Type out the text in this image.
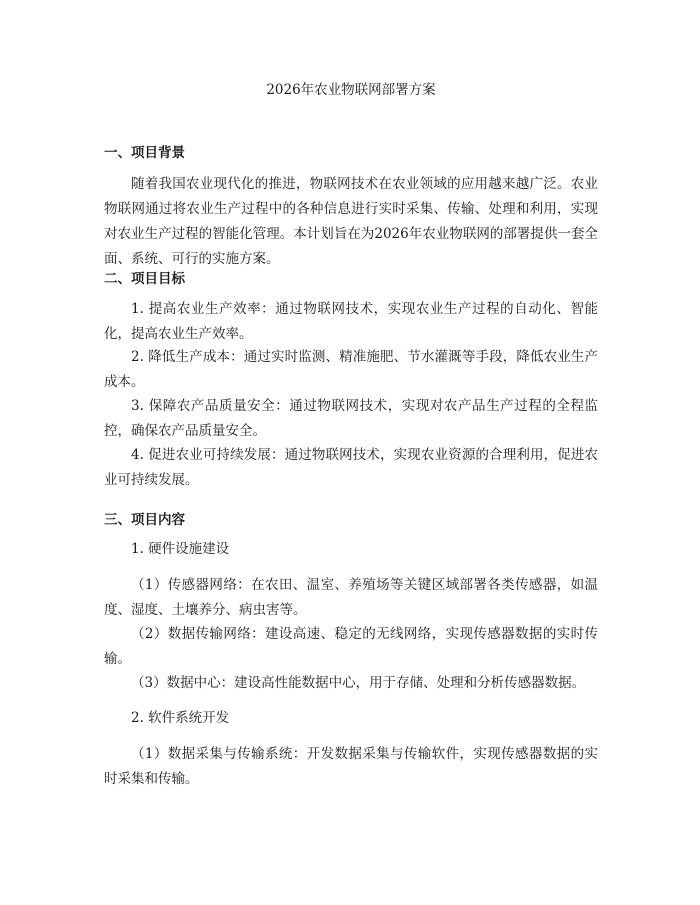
2026年农业物联网部署方案
一、项目背景

随着我国农业现代化的推进，物联网技术在农业领域的应用越来越广泛。农业物联网通过将农业生产过程中的各种信息进行实时采集、传输、处理和利用，实现对农业生产过程的智能化管理。本计划旨在为2026年农业物联网的部署提供一套全面、系统、可行的实施方案。

二、项目目标

1. 提高农业生产效率：通过物联网技术，实现农业生产过程的自动化、智能化，提高农业生产效率。

2. 降低生产成本：通过实时监测、精准施肥、节水灌溉等手段，降低农业生产成本。

3. 保障农产品质量安全：通过物联网技术，实现对农产品生产过程的全程监控，确保农产品质量安全。

4. 促进农业可持续发展：通过物联网技术，实现农业资源的合理利用，促进农业可持续发展。

三、项目内容

1. 硬件设施建设

（1）传感器网络：在农田、温室、养殖场等关键区域部署各类传感器，如温度、湿度、土壤养分、病虫害等。

（2）数据传输网络：建设高速、稳定的无线网络，实现传感器数据的实时传输。

（3）数据中心：建设高性能数据中心，用于存储、处理和分析传感器数据。

2. 软件系统开发

（1）数据采集与传输系统：开发数据采集与传输软件，实现传感器数据的实时采集和传输。
